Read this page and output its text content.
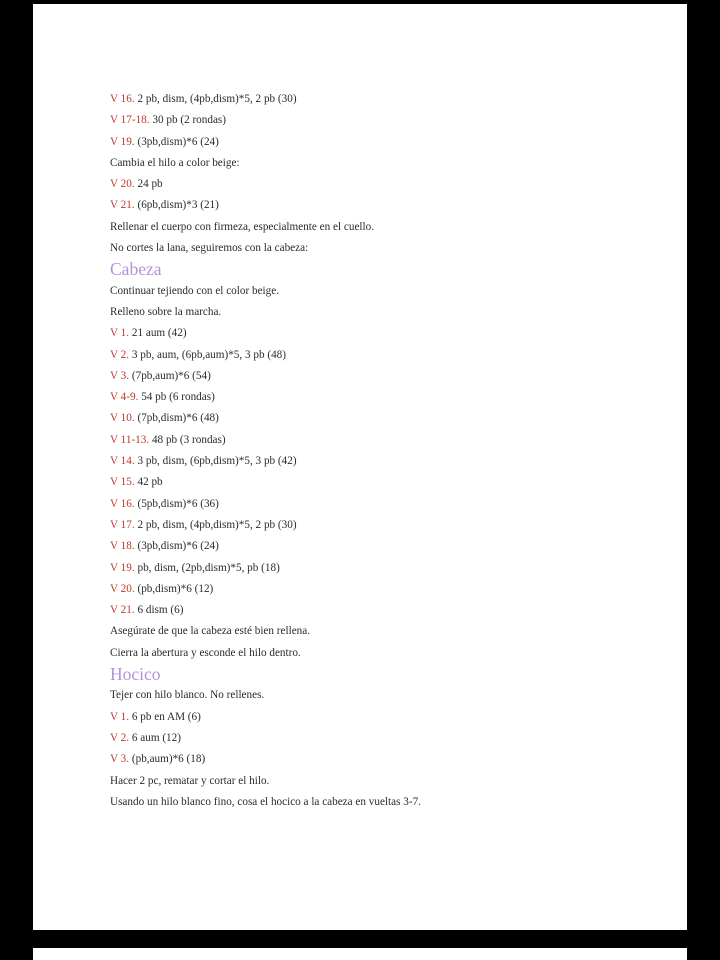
V 16. 2 pb, dism, (4pb,dism)*5, 2 pb (30)
V 17-18. 30 pb (2 rondas)
V 19. (3pb,dism)*6 (24)
Cambia el hilo a color beige:
V 20. 24 pb
V 21. (6pb,dism)*3 (21)
Rellenar el cuerpo con firmeza, especialmente en el cuello.
No cortes la lana, seguiremos con la cabeza:
Cabeza
Continuar tejiendo con el color beige.
Relleno sobre la marcha.
V 1. 21 aum (42)
V 2. 3 pb, aum, (6pb,aum)*5, 3 pb (48)
V 3. (7pb,aum)*6 (54)
V 4-9. 54 pb (6 rondas)
V 10. (7pb,dism)*6 (48)
V 11-13. 48 pb (3 rondas)
V 14. 3 pb, dism, (6pb,dism)*5, 3 pb (42)
V 15. 42 pb
V 16. (5pb,dism)*6 (36)
V 17. 2 pb, dism, (4pb,dism)*5, 2 pb (30)
V 18. (3pb,dism)*6 (24)
V 19. pb, dism, (2pb,dism)*5, pb (18)
V 20. (pb,dism)*6 (12)
V 21. 6 dism (6)
Asegúrate de que la cabeza esté bien rellena.
Cierra la abertura y esconde el hilo dentro.
Hocico
Tejer con hilo blanco. No rellenes.
V 1. 6 pb en AM (6)
V 2. 6 aum (12)
V 3. (pb,aum)*6 (18)
Hacer 2 pc, rematar y cortar el hilo.
Usando un hilo blanco fino, cosa el hocico a la cabeza en vueltas 3-7.
